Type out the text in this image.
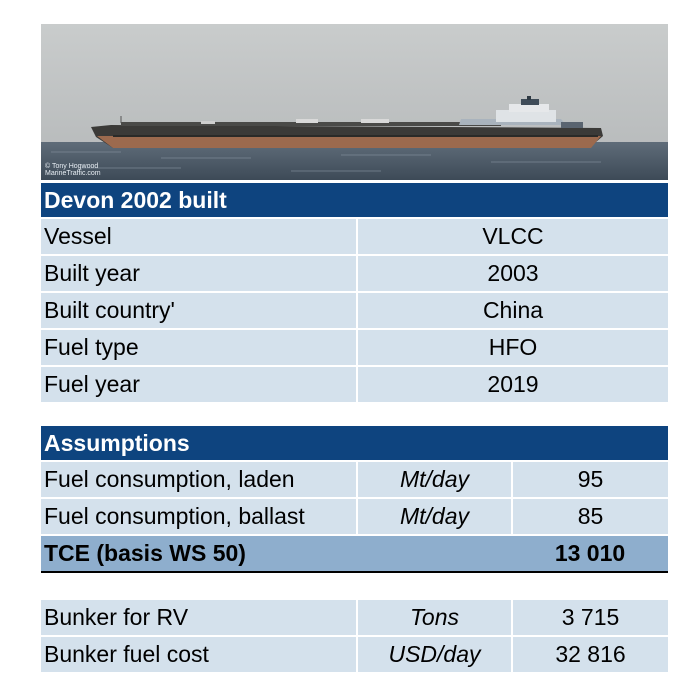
© Tony Hogwood
MarineTraffic.com
Devon 2002 built	
Vessel	VLCC
Built year	2003
Built country'	China
Fuel type	HFO
Fuel year	2019
Assumptions		
Fuel consumption, laden	Mt/day	95
Fuel consumption, ballast	Mt/day	85
TCE (basis WS 50)		13 010
Bunker for RV	Tons	3 715
Bunker fuel cost	USD/day	32 816
